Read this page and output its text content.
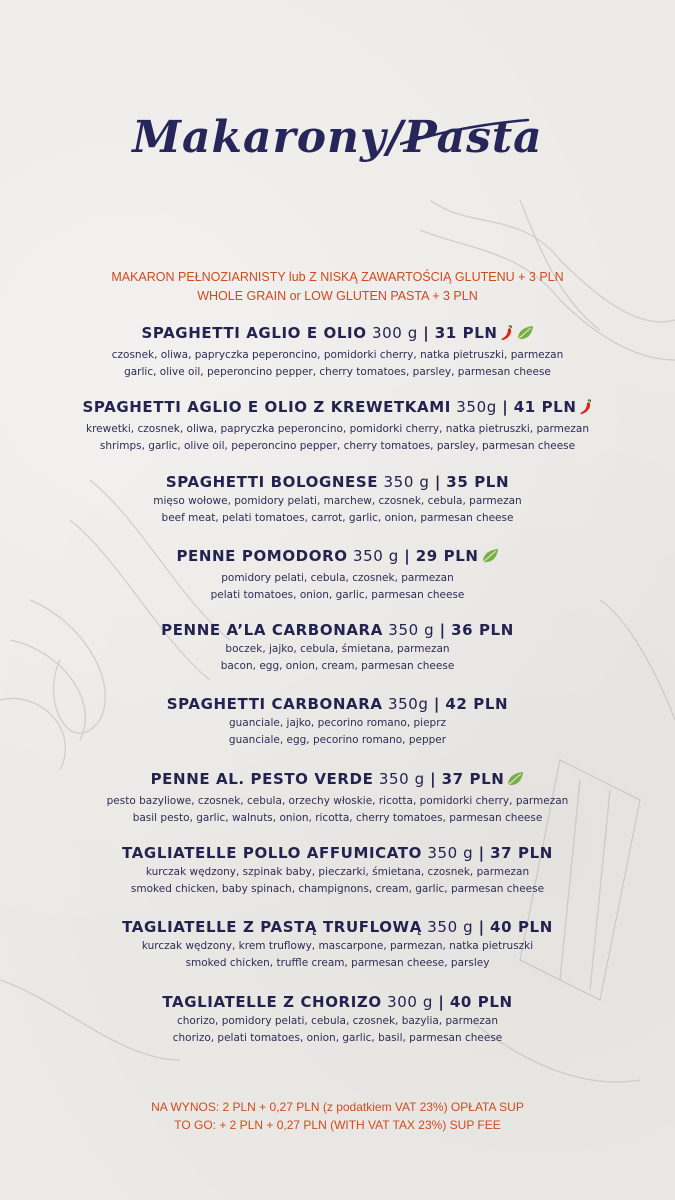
Makarony/Pasta
MAKARON PEŁNOZIARNISTY lub Z NISKĄ ZAWARTOŚCIĄ GLUTENU + 3 PLN
WHOLE GRAIN or LOW GLUTEN PASTA + 3 PLN
SPAGHETTI AGLIO E OLIO 300 g | 31 PLN
czosnek, oliwa, papryczka peperoncino, pomidorki cherry, natka pietruszki, parmezan
garlic, olive oil, peperoncino pepper, cherry tomatoes, parsley, parmesan cheese
SPAGHETTI AGLIO E OLIO Z KREWETKAMI 350g | 41 PLN
krewetki, czosnek, oliwa, papryczka peperoncino, pomidorki cherry, natka pietruszki, parmezan
shrimps, garlic, olive oil, peperoncino pepper, cherry tomatoes, parsley, parmesan cheese
SPAGHETTI BOLOGNESE 350 g | 35 PLN
mięso wołowe, pomidory pelati, marchew, czosnek, cebula, parmezan
beef meat, pelati tomatoes, carrot, garlic, onion, parmesan cheese
PENNE POMODORO 350 g | 29 PLN
pomidory pelati, cebula, czosnek, parmezan
pelati tomatoes, onion, garlic, parmesan cheese
PENNE A’LA CARBONARA 350 g | 36 PLN
boczek, jajko, cebula, śmietana, parmezan
bacon, egg, onion, cream, parmesan cheese
SPAGHETTI CARBONARA 350g | 42 PLN
guanciale, jajko, pecorino romano, pieprz
guanciale, egg, pecorino romano, pepper
PENNE AL. PESTO VERDE 350 g | 37 PLN
pesto bazyliowe, czosnek, cebula, orzechy włoskie, ricotta, pomidorki cherry, parmezan
basil pesto, garlic, walnuts, onion, ricotta, cherry tomatoes, parmesan cheese
TAGLIATELLE POLLO AFFUMICATO 350 g | 37 PLN
kurczak wędzony, szpinak baby, pieczarki, śmietana, czosnek, parmezan
smoked chicken, baby spinach, champignons, cream, garlic, parmesan cheese
TAGLIATELLE Z PASTĄ TRUFLOWĄ 350 g | 40 PLN
kurczak wędzony, krem truflowy, mascarpone, parmezan, natka pietruszki
smoked chicken, truffle cream, parmesan cheese, parsley
TAGLIATELLE Z CHORIZO 300 g | 40 PLN
chorizo, pomidory pelati, cebula, czosnek, bazylia, parmezan
chorizo, pelati tomatoes, onion, garlic, basil, parmesan cheese
NA WYNOS: 2 PLN + 0,27 PLN (z podatkiem VAT 23%) OPŁATA SUP
TO GO: + 2 PLN + 0,27 PLN (WITH VAT TAX 23%) SUP FEE
